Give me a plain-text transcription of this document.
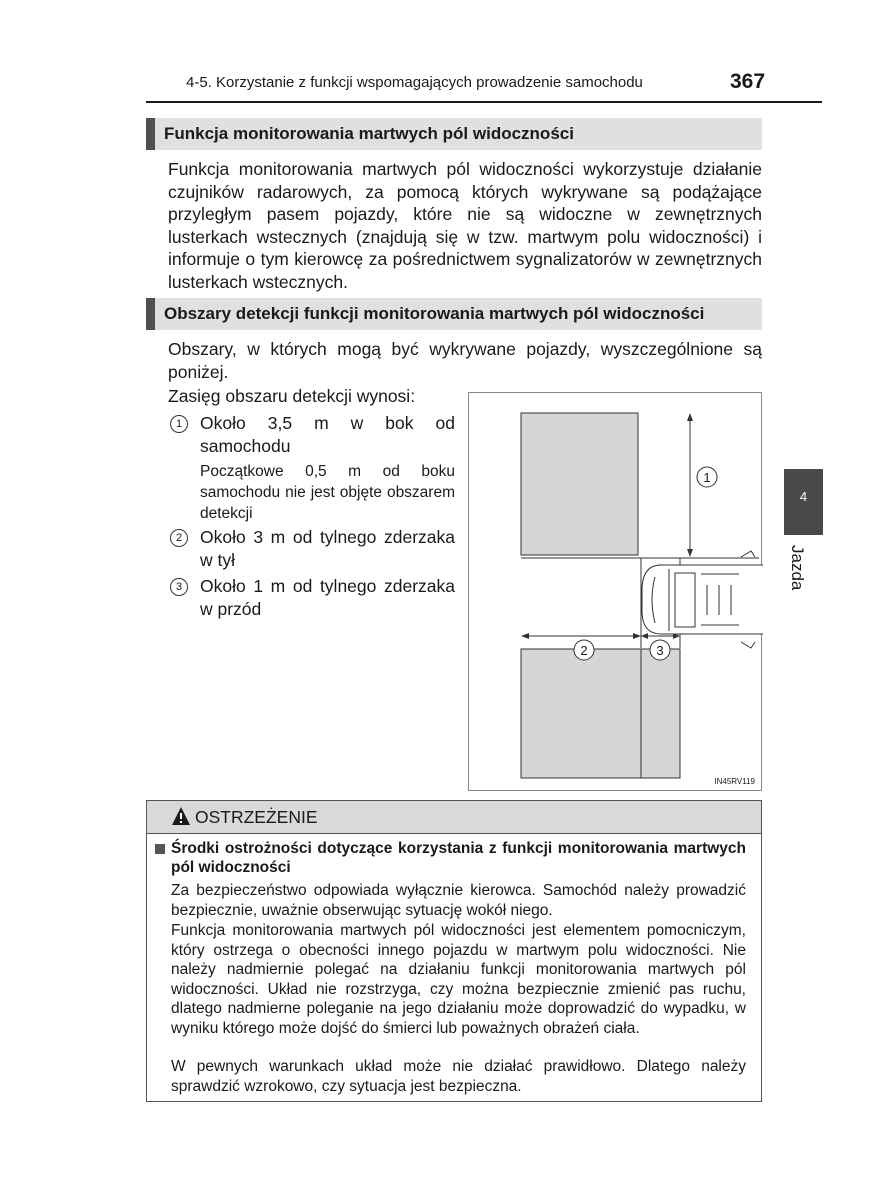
4-5. Korzystanie z funkcji wspomagających prowadzenie samochodu	367
Funkcja monitorowania martwych pól widoczności
Funkcja monitorowania martwych pól widoczności wykorzystuje działanie czujników radarowych, za pomocą których wykrywane są podążające przyległym pasem pojazdy, które nie są widoczne w zewnętrznych lusterkach wstecznych (znajdują się w tzw. martwym polu widoczności) i informuje o tym kierowcę za pośrednictwem sygnalizatorów w zewnętrznych lusterkach wstecznych.
Obszary detekcji funkcji monitorowania martwych pól widoczności
Obszary, w których mogą być wykrywane pojazdy, wyszczególnione są poniżej.
Zasięg obszaru detekcji wynosi:
1	Około 3,5 m w bok od samochodu
Początkowe 0,5 m od boku samochodu nie jest objęte obszarem detekcji
2	Około 3 m od tylnego zderzaka w tył
3	Około 1 m od tylnego zderzaka w przód
1
2	3
IN45RV119
4
Jazda
OSTRZEŻENIE
Środki ostrożności dotyczące korzystania z funkcji monitorowania martwych pól widoczności
Za bezpieczeństwo odpowiada wyłącznie kierowca. Samochód należy prowadzić bezpiecznie, uważnie obserwując sytuację wokół niego.
Funkcja monitorowania martwych pól widoczności jest elementem pomocniczym, który ostrzega o obecności innego pojazdu w martwym polu widoczności. Nie należy nadmiernie polegać na działaniu funkcji monitorowania martwych pól widoczności. Układ nie rozstrzyga, czy można bezpiecznie zmienić pas ruchu, dlatego nadmierne poleganie na jego działaniu może doprowadzić do wypadku, w wyniku którego może dojść do śmierci lub poważnych obrażeń ciała.
W pewnych warunkach układ może nie działać prawidłowo. Dlatego należy sprawdzić wzrokowo, czy sytuacja jest bezpieczna.
